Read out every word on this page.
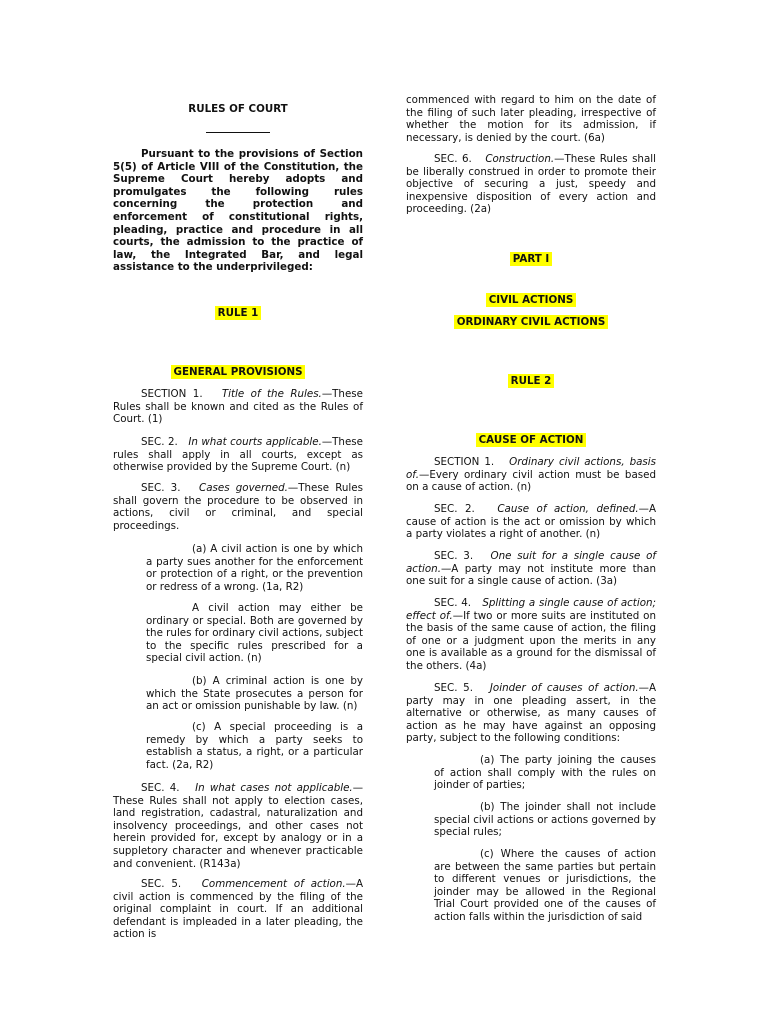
RULES OF COURT

Pursuant to the provisions of Section 5(5) of Article VIII of the Constitution, the Supreme Court hereby adopts and promulgates the following rules concerning the protection and enforcement of constitutional rights, pleading, practice and procedure in all courts, the admission to the practice of law, the Integrated Bar, and legal assistance to the underprivileged:

RULE 1

GENERAL PROVISIONS

SECTION 1. Title of the Rules.—These Rules shall be known and cited as the Rules of Court. (1)

SEC. 2. In what courts applicable.—These rules shall apply in all courts, except as otherwise provided by the Supreme Court. (n)

SEC. 3. Cases governed.—These Rules shall govern the procedure to be observed in actions, civil or criminal, and special proceedings.

(a) A civil action is one by which a party sues another for the enforcement or protection of a right, or the prevention or redress of a wrong. (1a, R2)

A civil action may either be ordinary or special. Both are governed by the rules for ordinary civil actions, subject to the specific rules prescribed for a special civil action. (n)

(b) A criminal action is one by which the State prosecutes a person for an act or omission punishable by law. (n)

(c) A special proceeding is a remedy by which a party seeks to establish a status, a right, or a particular fact. (2a, R2)

SEC. 4. In what cases not applicable.—These Rules shall not apply to election cases, land registration, cadastral, naturalization and insolvency proceedings, and other cases not herein provided for, except by analogy or in a suppletory character and whenever practicable and convenient. (R143a)

SEC. 5. Commencement of action.—A civil action is commenced by the filing of the original complaint in court. If an additional defendant is impleaded in a later pleading, the action is

commenced with regard to him on the date of the filing of such later pleading, irrespective of whether the motion for its admission, if necessary, is denied by the court. (6a)

SEC. 6. Construction.—These Rules shall be liberally construed in order to promote their objective of securing a just, speedy and inexpensive disposition of every action and proceeding. (2a)

PART I

CIVIL ACTIONS

ORDINARY CIVIL ACTIONS

RULE 2

CAUSE OF ACTION

SECTION 1. Ordinary civil actions, basis of.—Every ordinary civil action must be based on a cause of action. (n)

SEC. 2. Cause of action, defined.—A cause of action is the act or omission by which a party violates a right of another. (n)

SEC. 3. One suit for a single cause of action.—A party may not institute more than one suit for a single cause of action. (3a)

SEC. 4. Splitting a single cause of action; effect of.—If two or more suits are instituted on the basis of the same cause of action, the filing of one or a judgment upon the merits in any one is available as a ground for the dismissal of the others. (4a)

SEC. 5. Joinder of causes of action.—A party may in one pleading assert, in the alternative or otherwise, as many causes of action as he may have against an opposing party, subject to the following conditions:

(a) The party joining the causes of action shall comply with the rules on joinder of parties;

(b) The joinder shall not include special civil actions or actions governed by special rules;

(c) Where the causes of action are between the same parties but pertain to different venues or jurisdictions, the joinder may be allowed in the Regional Trial Court provided one of the causes of action falls within the jurisdiction of said
